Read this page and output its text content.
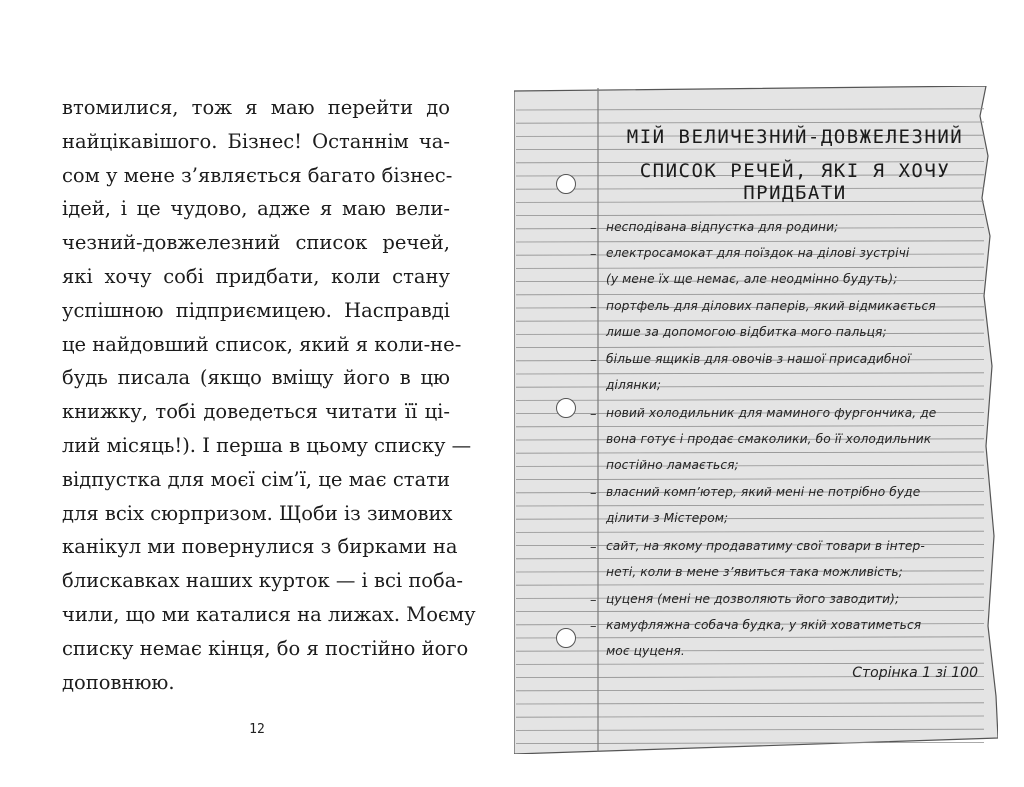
втомилися, тож я маю перейти до
найцікавішого. Бізнес! Останнім ча-
сом у мене з’являється багато бізнес-
ідей, і це чудово, адже я маю вели-
чезний-довжелезний список речей,
які хочу собі придбати, коли стану
успішною підприємицею. Насправді
це найдовший список, який я коли-не-
будь писала (якщо вміщу його в цю
книжку, тобі доведеться читати її ці-
лий місяць!). І перша в цьому списку —
відпустка для моєї сім’ї, це має стати
для всіх сюрпризом. Щоби із зимових
канікул ми повернулися з бирками на
блискавках наших курток — і всі поба-
чили, що ми каталися на лижах. Моєму
списку немає кінця, бо я постійно його
доповнюю.
12
МІЙ ВЕЛИЧЕЗНИЙ-ДОВЖЕЛЕЗНИЙ
СПИСОК РЕЧЕЙ, ЯКІ Я ХОЧУ ПРИДБАТИ
– несподівана відпустка для родини;
– електросамокат для поїздок на ділові зустрічі
(у мене їх ще немає, але неодмінно будуть);
– портфель для ділових паперів, який відмикається
лише за допомогою відбитка мого пальця;
– більше ящиків для овочів з нашої присадибної
ділянки;
– новий холодильник для маминого фургончика, де
вона готує і продає смаколики, бо її холодильник
постійно ламається;
– власний комп’ютер, який мені не потрібно буде
ділити з Містером;
– сайт, на якому продаватиму свої товари в інтер-
неті, коли в мене з’явиться така можливість;
– цуценя (мені не дозволяють його заводити);
– камуфляжна собача будка, у якій ховатиметься
моє цуценя.
Сторінка 1 зі 100
